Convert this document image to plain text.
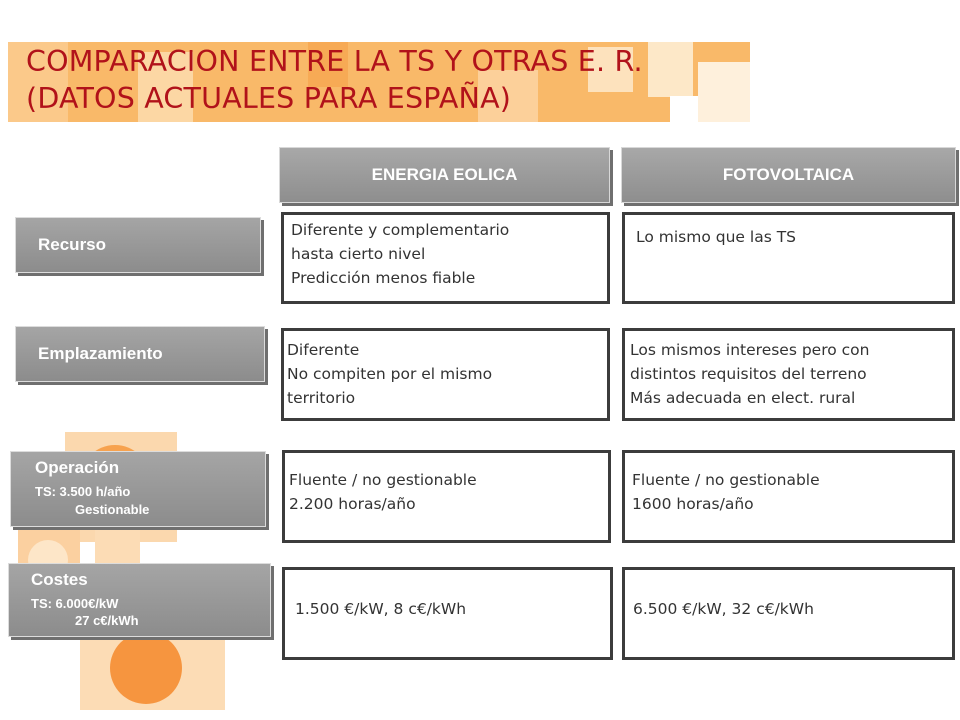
COMPARACION ENTRE LA TS Y OTRAS E. R.
(DATOS ACTUALES PARA ESPAÑA)
ENERGIA EOLICA	FOTOVOLTAICA
Recurso
Emplazamiento
Operación
TS: 3.500 h/año
Gestionable
Costes
TS: 6.000€/kW
27 c€/kWh
Diferente y complementario
hasta cierto nivel
Predicción menos fiable
Lo mismo que las TS
Diferente
No compiten por el mismo
territorio
Los mismos intereses pero con
distintos requisitos del terreno
Más adecuada en elect. rural
Fluente / no gestionable
2.200 horas/año
Fluente / no gestionable
1600 horas/año
1.500 €/kW, 8 c€/kWh	6.500 €/kW, 32 c€/kWh
